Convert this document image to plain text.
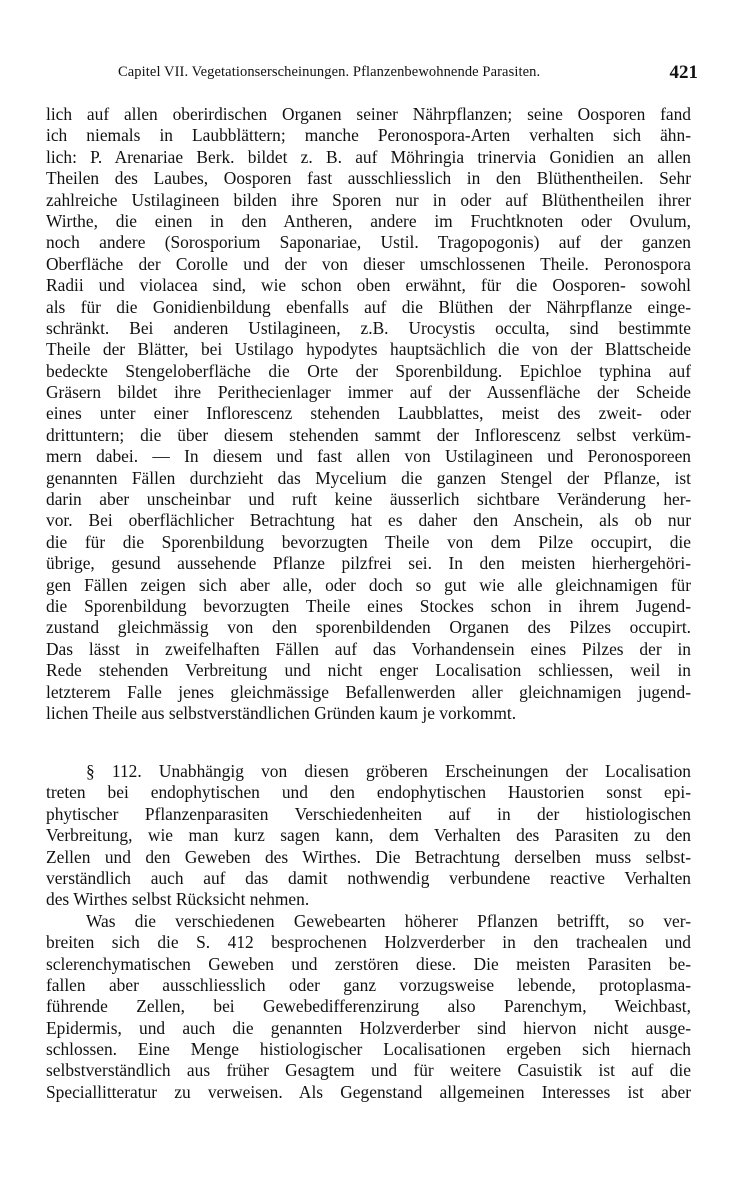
Capitel VII. Vegetationserscheinungen. Pflanzenbewohnende Parasiten.	421
lich auf allen oberirdischen Organen seiner Nährpflanzen; seine Oosporen fand
ich niemals in Laubblättern; manche Peronospora-Arten verhalten sich ähn-
lich: P. Arenariae Berk. bildet z. B. auf Möhringia trinervia Gonidien an allen
Theilen des Laubes, Oosporen fast ausschliesslich in den Blüthentheilen. Sehr
zahlreiche Ustilagineen bilden ihre Sporen nur in oder auf Blüthentheilen ihrer
Wirthe, die einen in den Antheren, andere im Fruchtknoten oder Ovulum,
noch andere (Sorosporium Saponariae, Ustil. Tragopogonis) auf der ganzen
Oberfläche der Corolle und der von dieser umschlossenen Theile. Peronospora
Radii und violacea sind, wie schon oben erwähnt, für die Oosporen- sowohl
als für die Gonidienbildung ebenfalls auf die Blüthen der Nährpflanze einge-
schränkt. Bei anderen Ustilagineen, z.B. Urocystis occulta, sind bestimmte
Theile der Blätter, bei Ustilago hypodytes hauptsächlich die von der Blattscheide
bedeckte Stengeloberfläche die Orte der Sporenbildung. Epichloe typhina auf
Gräsern bildet ihre Perithecienlager immer auf der Aussenfläche der Scheide
eines unter einer Inflorescenz stehenden Laubblattes, meist des zweit- oder
drittuntern; die über diesem stehenden sammt der Inflorescenz selbst verküm-
mern dabei. — In diesem und fast allen von Ustilagineen und Peronosporeen
genannten Fällen durchzieht das Mycelium die ganzen Stengel der Pflanze, ist
darin aber unscheinbar und ruft keine äusserlich sichtbare Veränderung her-
vor. Bei oberflächlicher Betrachtung hat es daher den Anschein, als ob nur
die für die Sporenbildung bevorzugten Theile von dem Pilze occupirt, die
übrige, gesund aussehende Pflanze pilzfrei sei. In den meisten hierhergehöri-
gen Fällen zeigen sich aber alle, oder doch so gut wie alle gleichnamigen für
die Sporenbildung bevorzugten Theile eines Stockes schon in ihrem Jugend-
zustand gleichmässig von den sporenbildenden Organen des Pilzes occupirt.
Das lässt in zweifelhaften Fällen auf das Vorhandensein eines Pilzes der in
Rede stehenden Verbreitung und nicht enger Localisation schliessen, weil in
letzterem Falle jenes gleichmässige Befallenwerden aller gleichnamigen jugend-
lichen Theile aus selbstverständlichen Gründen kaum je vorkommt.
§ 112. Unabhängig von diesen gröberen Erscheinungen der Localisation
treten bei endophytischen und den endophytischen Haustorien sonst epi-
phytischer Pflanzenparasiten Verschiedenheiten auf in der histiologischen
Verbreitung, wie man kurz sagen kann, dem Verhalten des Parasiten zu den
Zellen und den Geweben des Wirthes. Die Betrachtung derselben muss selbst-
verständlich auch auf das damit nothwendig verbundene reactive Verhalten
des Wirthes selbst Rücksicht nehmen.
Was die verschiedenen Gewebearten höherer Pflanzen betrifft, so ver-
breiten sich die S. 412 besprochenen Holzverderber in den trachealen und
sclerenchymatischen Geweben und zerstören diese. Die meisten Parasiten be-
fallen aber ausschliesslich oder ganz vorzugsweise lebende, protoplasma-
führende Zellen, bei Gewebedifferenzirung also Parenchym, Weichbast,
Epidermis, und auch die genannten Holzverderber sind hiervon nicht ausge-
schlossen. Eine Menge histiologischer Localisationen ergeben sich hiernach
selbstverständlich aus früher Gesagtem und für weitere Casuistik ist auf die
Speciallitteratur zu verweisen. Als Gegenstand allgemeinen Interesses ist aber
